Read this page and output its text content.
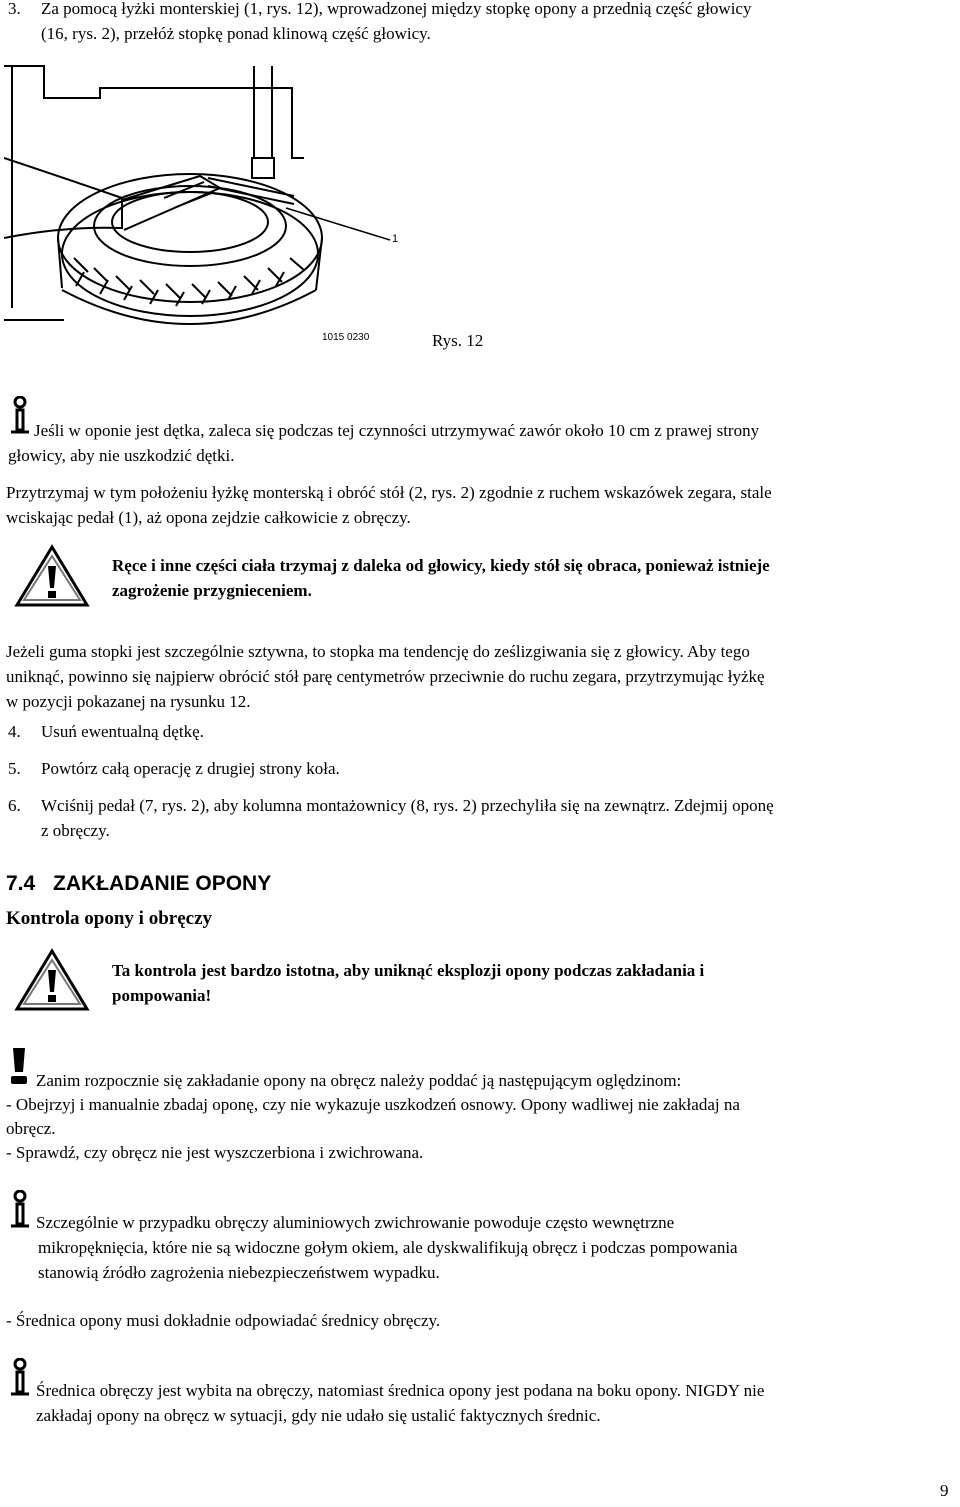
3. Za pomocą łyżki monterskiej (1, rys. 12), wprowadzonej między stopkę opony a przednią część głowicy
(16, rys. 2), przełóż stopkę ponad klinową część głowicy.
1
1015 0230	Rys. 12
Jeśli w oponie jest dętka, zaleca się podczas tej czynności utrzymywać zawór około 10 cm z prawej strony
głowicy, aby nie uszkodzić dętki.
Przytrzymaj w tym położeniu łyżkę monterską i obróć stół (2, rys. 2) zgodnie z ruchem wskazówek zegara, stale
wciskając pedał (1), aż opona zejdzie całkowicie z obręczy.
Ręce i inne części ciała trzymaj z daleka od głowicy, kiedy stół się obraca, ponieważ istnieje
zagrożenie przygnieceniem.
Jeżeli guma stopki jest szczególnie sztywna, to stopka ma tendencję do ześlizgiwania się z głowicy. Aby tego
uniknąć, powinno się najpierw obrócić stół parę centymetrów przeciwnie do ruchu zegara, przytrzymując łyżkę
w pozycji pokazanej na rysunku 12.
4. Usuń ewentualną dętkę.
5. Powtórz całą operację z drugiej strony koła.
6. Wciśnij pedał (7, rys. 2), aby kolumna montażownicy (8, rys. 2) przechyliła się na zewnątrz. Zdejmij oponę
z obręczy.
7.4 ZAKŁADANIE OPONY
Kontrola opony i obręczy
Ta kontrola jest bardzo istotna, aby uniknąć eksplozji opony podczas zakładania i
pompowania!
Zanim rozpocznie się zakładanie opony na obręcz należy poddać ją następującym oględzinom:
- Obejrzyj i manualnie zbadaj oponę, czy nie wykazuje uszkodzeń osnowy. Opony wadliwej nie zakładaj na
obręcz.
- Sprawdź, czy obręcz nie jest wyszczerbiona i zwichrowana.
Szczególnie w przypadku obręczy aluminiowych zwichrowanie powoduje często wewnętrzne
mikropęknięcia, które nie są widoczne gołym okiem, ale dyskwalifikują obręcz i podczas pompowania
stanowią źródło zagrożenia niebezpieczeństwem wypadku.
- Średnica opony musi dokładnie odpowiadać średnicy obręczy.
Średnica obręczy jest wybita na obręczy, natomiast średnica opony jest podana na boku opony. NIGDY nie
zakładaj opony na obręcz w sytuacji, gdy nie udało się ustalić faktycznych średnic.
9
